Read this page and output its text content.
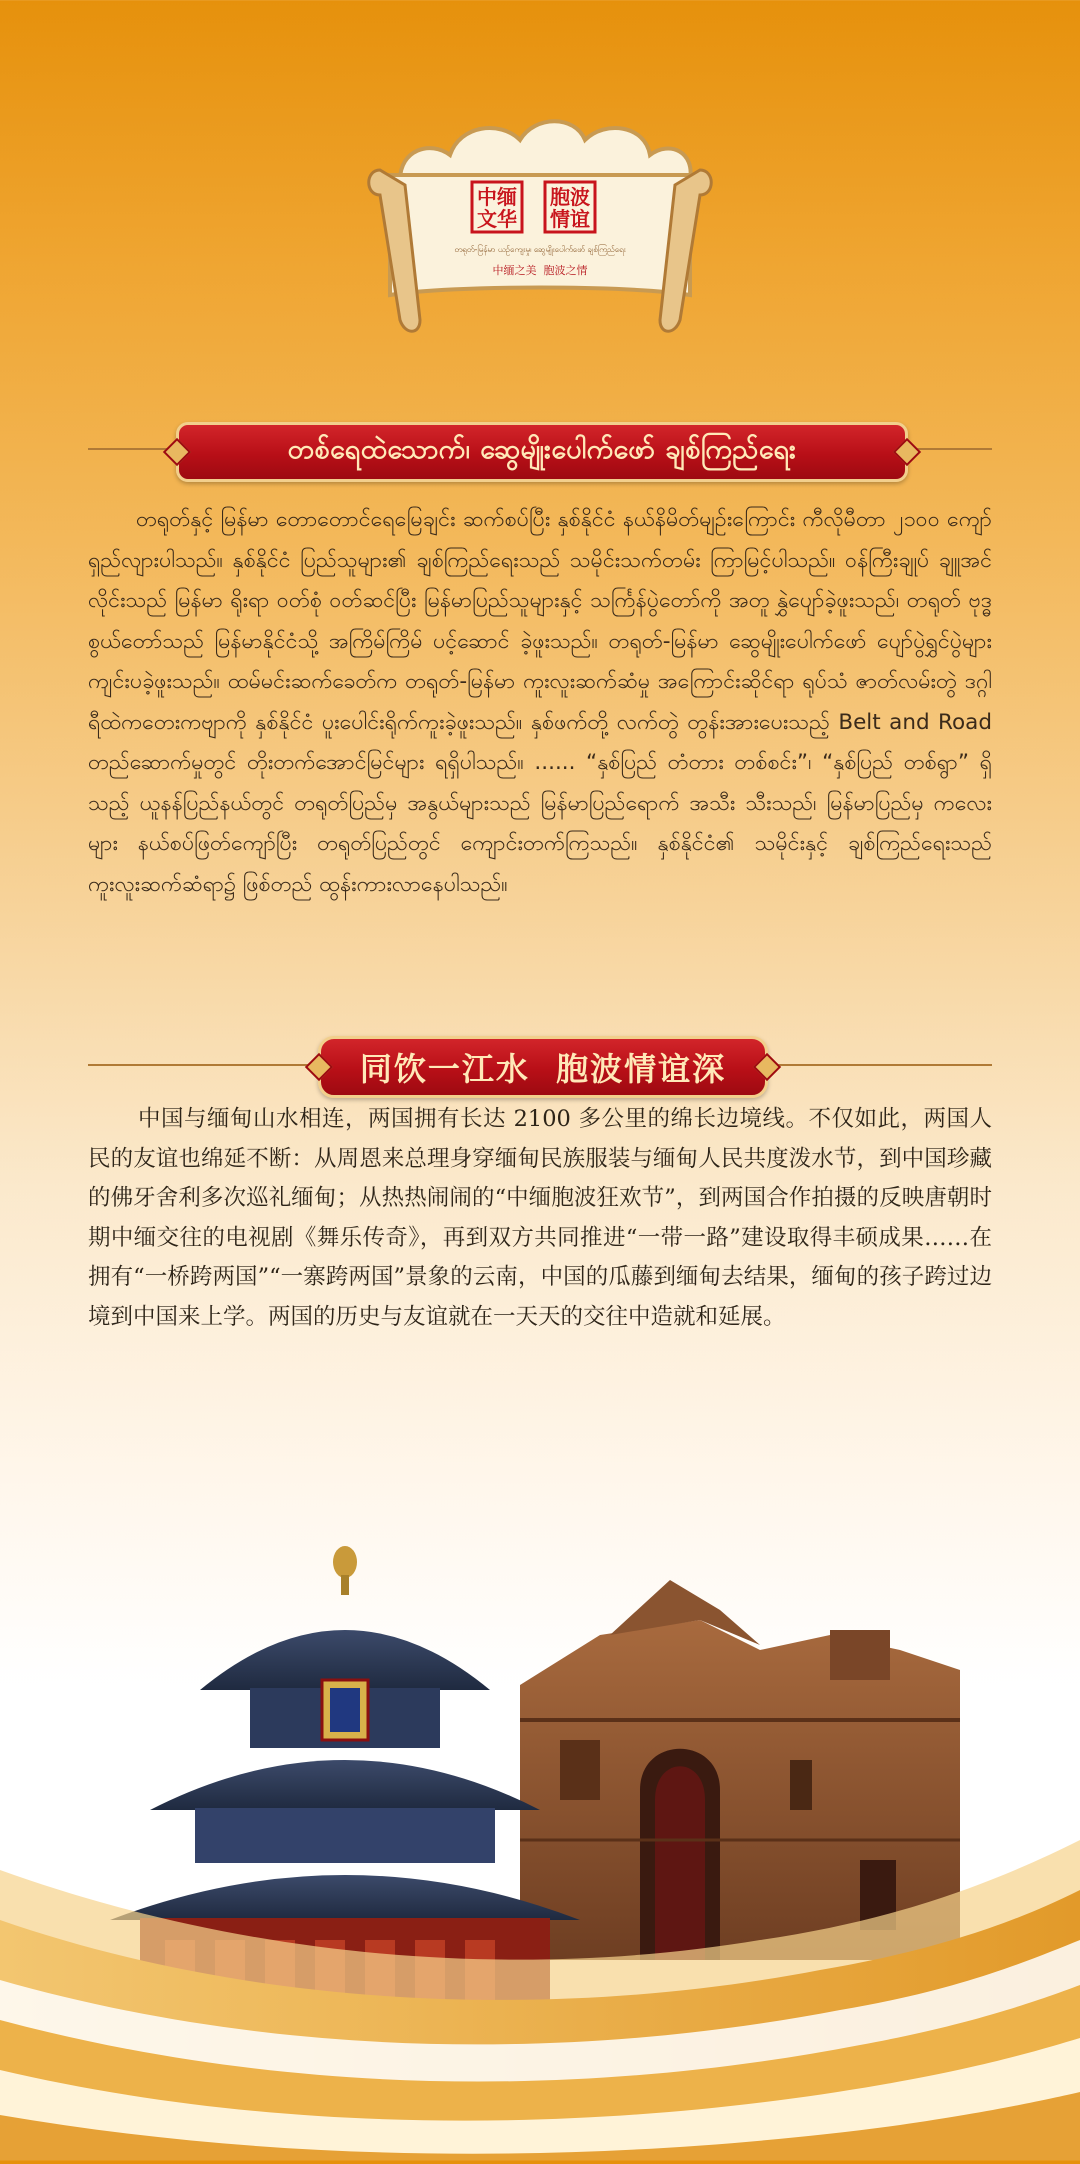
中缅文华
胞波情谊
တရုတ်-မြန်မာ ယဉ်ကျေးမှု၊ ဆွေမျိုးပေါက်ဖော် ချစ်ကြည်ရေး
中缅之美  胞波之情
တစ်ရေထဲသောက်၊ ဆွေမျိုးပေါက်ဖော် ချစ်ကြည်ရေး

တရုတ်နှင့် မြန်မာ တောတောင်ရေမြေချင်း ဆက်စပ်ပြီး နှစ်နိုင်ငံ နယ်နိမိတ်မျဉ်းကြောင်း ကီလိုမီတာ ၂၁၀၀ ကျော် ရှည်လျားပါသည်။ နှစ်နိုင်ငံ ပြည်သူများ၏ ချစ်ကြည်ရေးသည် သမိုင်းသက်တမ်း ကြာမြင့်ပါသည်။ ဝန်ကြီးချုပ် ချူအင်လိုင်းသည် မြန်မာ ရိုးရာ ဝတ်စုံ ဝတ်ဆင်ပြီး မြန်မာပြည်သူများနှင့် သင်္ကြန်ပွဲတော်ကို အတူ နွှဲပျော်ခဲ့ဖူးသည်၊ တရုတ် ဗုဒ္ဓစွယ်တော်သည် မြန်မာနိုင်ငံသို့ အကြိမ်ကြိမ် ပင့်ဆောင် ခဲ့ဖူးသည်။ တရုတ်-မြန်မာ ဆွေမျိုးပေါက်ဖော် ပျော်ပွဲရွှင်ပွဲများ ကျင်းပခဲ့ဖူးသည်။ ထမ်မင်းဆက်ခေတ်က တရုတ်-မြန်မာ ကူးလူးဆက်ဆံမှု အကြောင်းဆိုင်ရာ ရုပ်သံ ဇာတ်လမ်းတွဲ ဒဂ္ဂါရီထဲကတေးကဗျာကို နှစ်နိုင်ငံ ပူးပေါင်းရိုက်ကူးခဲ့ဖူးသည်။ နှစ်ဖက်တို့ လက်တွဲ တွန်းအားပေးသည့် Belt and Road တည်ဆောက်မှုတွင် တိုးတက်အောင်မြင်များ ရရှိပါသည်။ ...... “နှစ်ပြည် တံတား တစ်စင်း”၊ “နှစ်ပြည် တစ်ရွာ” ရှိသည့် ယူနန်ပြည်နယ်တွင် တရုတ်ပြည်မှ အနွယ်များသည် မြန်မာပြည်ရောက် အသီး သီးသည်၊ မြန်မာပြည်မှ ကလေးများ နယ်စပ်ဖြတ်ကျော်ပြီး တရုတ်ပြည်တွင် ကျောင်းတက်ကြသည်။ နှစ်နိုင်ငံ၏ သမိုင်းနှင့် ချစ်ကြည်ရေးသည် ကူးလူးဆက်ဆံရာ၌ ဖြစ်တည် ထွန်းကားလာနေပါသည်။

同饮一江水  胞波情谊深

中国与缅甸山水相连，两国拥有长达 2100 多公里的绵长边境线。不仅如此，两国人民的友谊也绵延不断：从周恩来总理身穿缅甸民族服装与缅甸人民共度泼水节，到中国珍藏的佛牙舍利多次巡礼缅甸；从热热闹闹的“中缅胞波狂欢节”，到两国合作拍摄的反映唐朝时期中缅交往的电视剧《舞乐传奇》，再到双方共同推进“一带一路”建设取得丰硕成果……在拥有“一桥跨两国”“一寨跨两国”景象的云南，中国的瓜藤到缅甸去结果，缅甸的孩子跨过边境到中国来上学。两国的历史与友谊就在一天天的交往中造就和延展。
